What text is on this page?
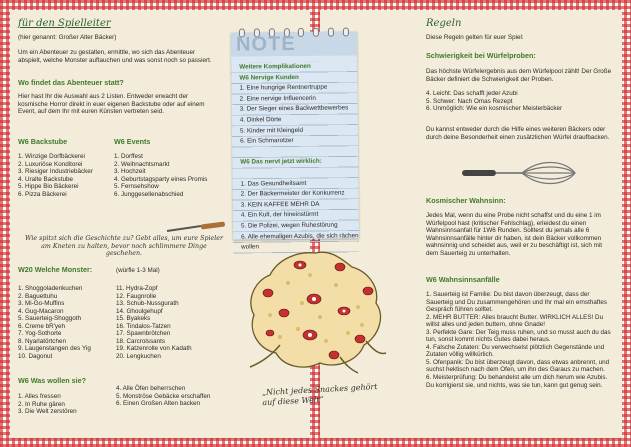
für den Spielleiter
(hier genannt: Großer Alter Bäcker)
Um ein Abenteuer zu gestalten, ermittle, wo sich das Abenteuer abspielt, welche Monster auftauchen und was sonst noch so passiert.
Wo findet das Abenteuer statt?
Hier hast Ihr die Auswahl aus 2 Listen. Entweder erwacht der kosmische Horror direkt in euer eigenen Backstube oder auf einem Event, auf dem Ihr mit euren Künsten vertreten seid.
W6 Backstube
1. Winzige Dorfbäckerei
2. Luxuriöse Konditorei
3. Riesiger Industriebäcker
4. Uralte Backstube
5. Hippe Bio Bäckerei
6. Pizza Bäckerei
W6 Events
1. Dorffest
2. Weihnachtsmarkt
3. Hochzeit
4. Geburtstagsparty eines Promis
5. Fernsehshow
6. Junggesellenabschied
Wie spitzt sich die Geschichte zu? Gebt alles, um eure Spieler am Kneten zu halten, bevor noch schlimmere Dinge geschehen.
W20 Welche Monster:	(würfle 1-3 Mal)
1. Shoggoladenkuchen
2. Baguettuhu
3. Mi-Go-Muffins
4. Gug-Macaron
5. Sauerteig-Shoggoth
6. Creme bR'yeh
7. Yog-Sothorte
8. Nyarlatörtchen
9. Laugenstangen des Yig
10. Dagonut
11. Hydra-Zopf
12. Faugnrolle
13. Schub-Nussgurath
14. Ghoulgehupf
15. Byakeks
16. Tindalos-Tatzen
17. Spawnbrötchen
18. Carcrolssants
19. Katzenrolle von Kadath
20. Lengkuchen
W6 Was wollen sie?
1. Alles fressen
2. In Ruhe gären
3. Die Welt zerstören
4. Alle Öfen beherrschen
5. Monströse Gebäcke erschaffen
6. Einen Großen Alten backen
Regeln
Diese Regeln gelten für euer Spiel:
Schwierigkeit bei Würfelproben:
Das höchste Würfelergebnis aus dem Würfelpool zählt! Der Große Bäcker definiert die Schwierigkeit der Proben.
4. Leicht: Das schafft jeder Azubi
5. Schwer: Nach Omas Rezept
6. Unmöglich: Wie ein kosmischer Meisterbäcker
Du kannst entweder durch die Hilfe eines weiteren Bäckers oder durch deine Besonderheit einen zusätzlichen Würfel draufbacken.
Kosmischer Wahnsinn:
Jedes Mal, wenn du eine Probe nicht schaffst und du eine 1 im Würfelpool hast (kritischer Fehlschlag), erleidest du einen Wahnsinnsanfall für 1W6 Runden. Solltest du jemals alle 6 Wahnsinnsanfälle hinter dir haben, ist dein Bäcker vollkommen wahnsinnig und scheidet aus, weil er zu beschäftigt ist, sich mit dem Sauerteig zu unterhalten.
W6 Wahnsinnsanfälle
1. Sauerteig ist Familie: Du bist davon überzeugt, dass der Sauerteig und Du zusammengehören und Ihr mal ein ernsthaftes Gespräch führen solltet.
2. MEHR BUTTER: Alles braucht Butter. WIRKLICH ALLES! Du willst alles und jeden buttern, ohne Gnade!
3. Perfekte Gare: Der Teig muss ruhen, und so musst auch du das tun, sonst kommt nichts Gutes dabei heraus.
4. Falsche Zutaten: Du verwechselst plötzlich Gegenstände und Zutaten völlig willkürlich.
5. Ofenpanik: Du bist überzeugt davon, dass etwas anbrennt, und suchst hektisch nach dem Ofen, um ihn des Garaus zu machen.
6. Meisterprüfung: Du behandelst alle um dich herum wie Azubis. Du korrigierst sie, und nichts, was sie tun, kann gut genug sein.
NOTE
Weitere Komplikationen
W6 Nervige Kunden
1. Eine hungrige Rentnertruppe
2. Eine nervige Influencerin
3. Der Sieger eines Backwettbewerbes
4. Dinkel Dörte
5. Kinder mit Kleingeld
6. Ein Schmarotzer
W6 Das nervt jetzt wirklich:
1. Das Gesundheitsamt
2. Der Bäckermeister der Konkurrenz
3. KEIN KAFFEE MEHR DA
4. Ein Kult, der hineinstürmt
5. Die Polizei, wegen Ruhestörung
6. Alle ehemaligen Azubis, die sich rächen wollen
„Nicht jedes Snackes gehört auf diese Welt“
